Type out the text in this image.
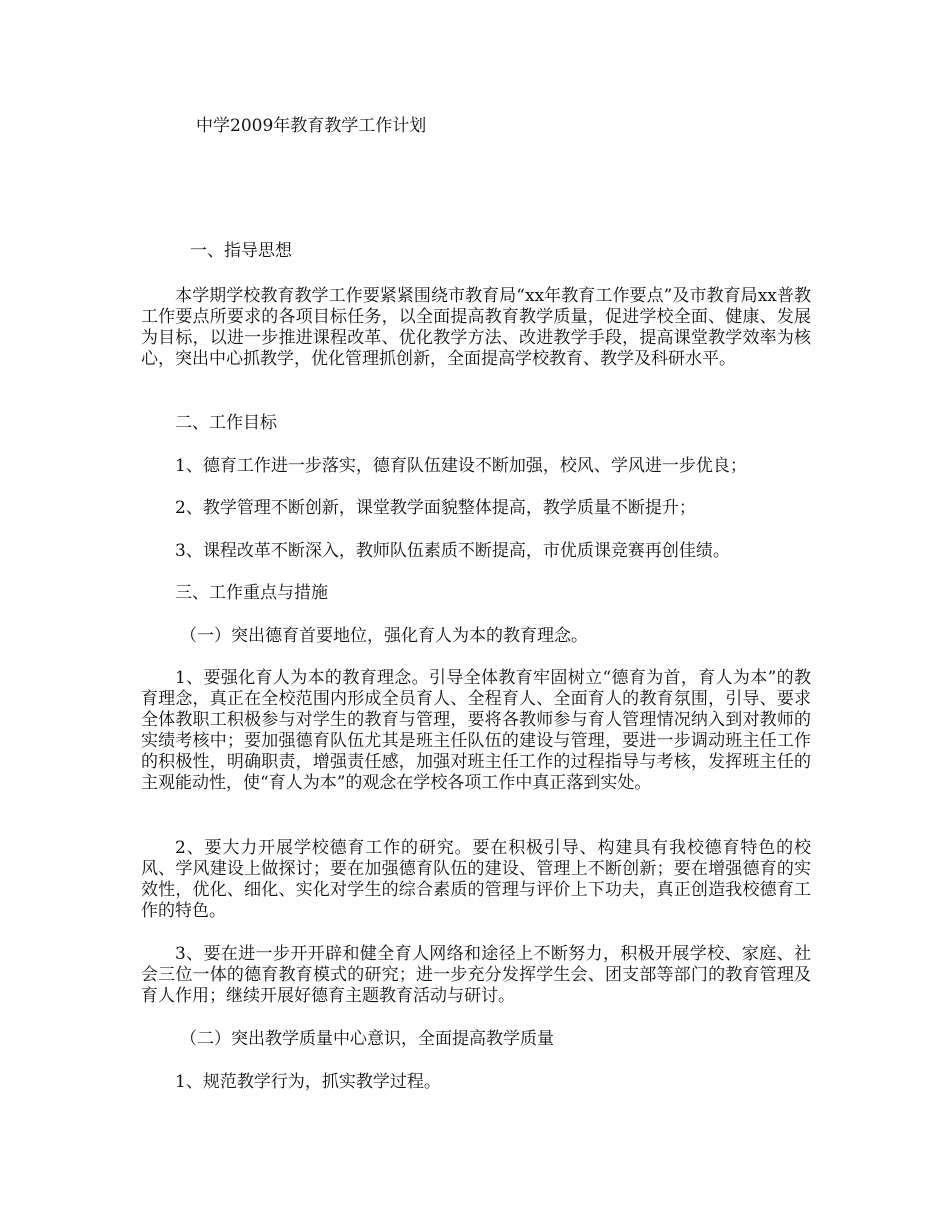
中学2009年教育教学工作计划

一、指导思想

本学期学校教育教学工作要紧紧围绕市教育局“xx年教育工作要点”及市教育局xx普教工作要点所要求的各项目标任务，以全面提高教育教学质量，促进学校全面、健康、发展为目标，以进一步推进课程改革、优化教学方法、改进教学手段，提高课堂教学效率为核心，突出中心抓教学，优化管理抓创新，全面提高学校教育、教学及科研水平。

二、工作目标

1、德育工作进一步落实，德育队伍建设不断加强，校风、学风进一步优良；

2、教学管理不断创新，课堂教学面貌整体提高，教学质量不断提升；

3、课程改革不断深入，教师队伍素质不断提高，市优质课竞赛再创佳绩。

三、工作重点与措施

（一）突出德育首要地位，强化育人为本的教育理念。

1、要强化育人为本的教育理念。引导全体教育牢固树立“德育为首，育人为本”的教育理念，真正在全校范围内形成全员育人、全程育人、全面育人的教育氛围，引导、要求全体教职工积极参与对学生的教育与管理，要将各教师参与育人管理情况纳入到对教师的实绩考核中；要加强德育队伍尤其是班主任队伍的建设与管理，要进一步调动班主任工作的积极性，明确职责，增强责任感，加强对班主任工作的过程指导与考核，发挥班主任的主观能动性，使“育人为本”的观念在学校各项工作中真正落到实处。

2、要大力开展学校德育工作的研究。要在积极引导、构建具有我校德育特色的校风、学风建设上做探讨；要在加强德育队伍的建设、管理上不断创新；要在增强德育的实效性，优化、细化、实化对学生的综合素质的管理与评价上下功夫，真正创造我校德育工作的特色。

3、要在进一步开开辟和健全育人网络和途径上不断努力，积极开展学校、家庭、社会三位一体的德育教育模式的研究；进一步充分发挥学生会、团支部等部门的教育管理及育人作用；继续开展好德育主题教育活动与研讨。

（二）突出教学质量中心意识，全面提高教学质量

1、规范教学行为，抓实教学过程。
